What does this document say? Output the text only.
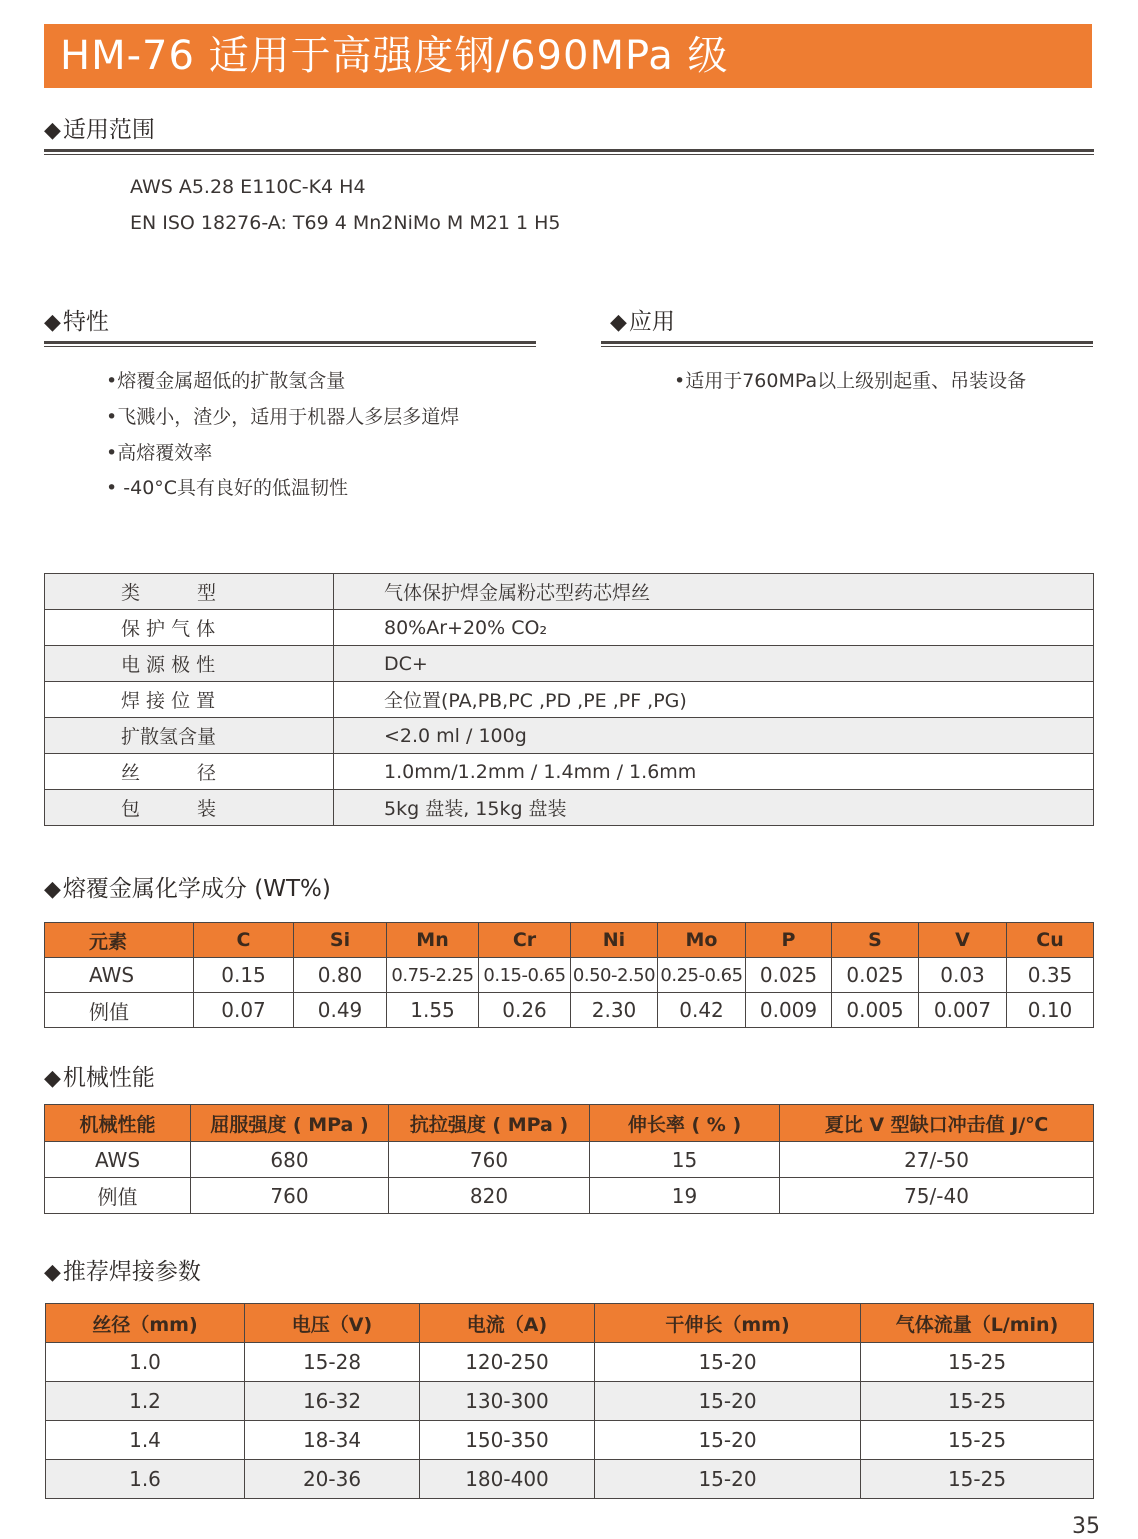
HM-76 适用于高强度钢/690MPa 级
◆适用范围
AWS A5.28 E110C-K4 H4
EN ISO 18276-A: T69 4 Mn2NiMo M M21 1 H5
◆特性
•熔覆金属超低的扩散氢含量
•飞溅小，渣少，适用于机器人多层多道焊
•高熔覆效率
• -40°C具有良好的低温韧性
◆应用
•适用于760MPa以上级别起重、吊装设备
类　　　型	气体保护焊金属粉芯型药芯焊丝
保 护 气 体	80%Ar+20% CO₂
电 源 极 性	DC+
焊 接 位 置	全位置(PA,PB,PC ,PD ,PE ,PF ,PG)
扩散氢含量	<2.0 ml / 100g
丝　　　径	1.0mm/1.2mm / 1.4mm / 1.6mm
包　　　装	5kg 盘装, 15kg 盘装
◆熔覆金属化学成分 (WT%)
元素	C	Si	Mn	Cr	Ni	Mo	P	S	V	Cu
AWS	0.15	0.80	0.75-2.25	0.15-0.65	0.50-2.50	0.25-0.65	0.025	0.025	0.03	0.35
例值	0.07	0.49	1.55	0.26	2.30	0.42	0.009	0.005	0.007	0.10
◆机械性能
机械性能	屈服强度 ( MPa )	抗拉强度 ( MPa )	伸长率 ( % )	夏比 V 型缺口冲击值 J/℃
AWS	680	760	15	27/-50
例值	760	820	19	75/-40
◆推荐焊接参数
丝径（mm)	电压（V)	电流（A)	干伸长（mm)	气体流量（L/min)
1.0	15-28	120-250	15-20	15-25
1.2	16-32	130-300	15-20	15-25
1.4	18-34	150-350	15-20	15-25
1.6	20-36	180-400	15-20	15-25
35
